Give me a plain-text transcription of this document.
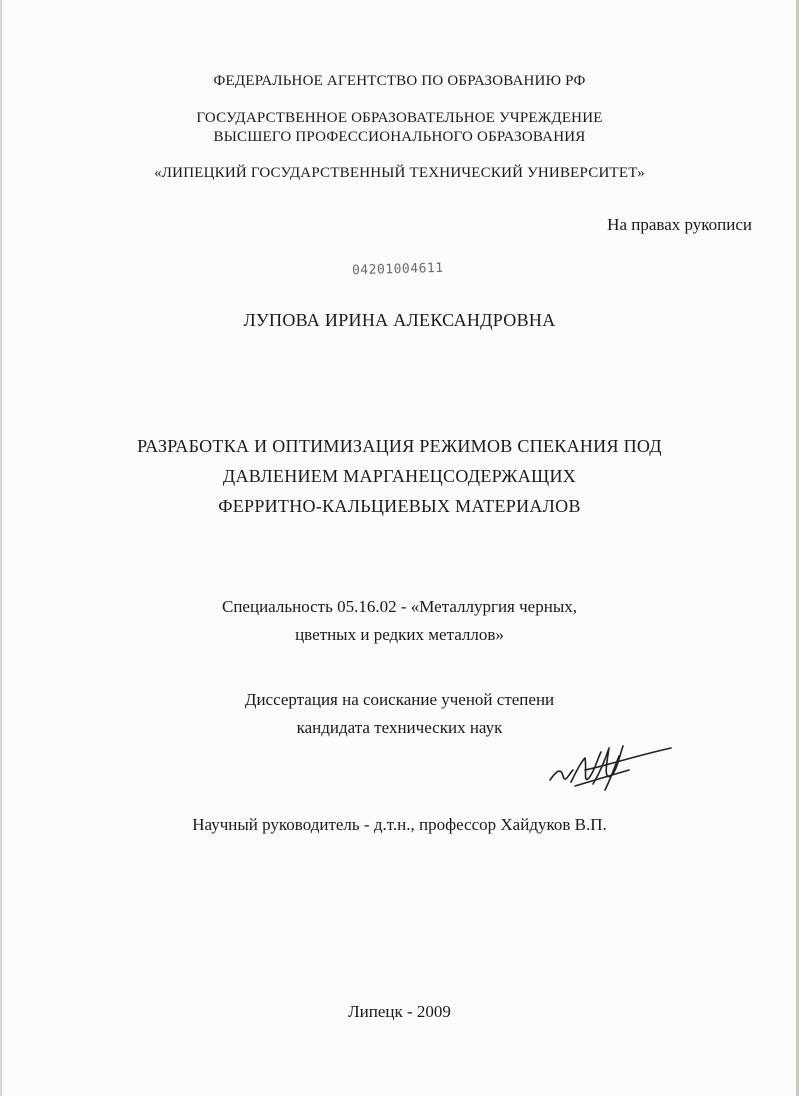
ФЕДЕРАЛЬНОЕ АГЕНТСТВО ПО ОБРАЗОВАНИЮ РФ

ГОСУДАРСТВЕННОЕ ОБРАЗОВАТЕЛЬНОЕ УЧРЕЖДЕНИЕ

ВЫСШЕГО ПРОФЕССИОНАЛЬНОГО ОБРАЗОВАНИЯ

«ЛИПЕЦКИЙ ГОСУДАРСТВЕННЫЙ ТЕХНИЧЕСКИЙ УНИВЕРСИТЕТ»

На правах рукописи

04201004611

ЛУПОВА ИРИНА АЛЕКСАНДРОВНА

РАЗРАБОТКА И ОПТИМИЗАЦИЯ РЕЖИМОВ СПЕКАНИЯ ПОД

ДАВЛЕНИЕМ МАРГАНЕЦСОДЕРЖАЩИХ

ФЕРРИТНО-КАЛЬЦИЕВЫХ МАТЕРИАЛОВ

Специальность 05.16.02 - «Металлургия черных,

цветных и редких металлов»

Диссертация на соискание ученой степени

кандидата технических наук

Научный руководитель - д.т.н., профессор Хайдуков В.П.

Липецк - 2009
